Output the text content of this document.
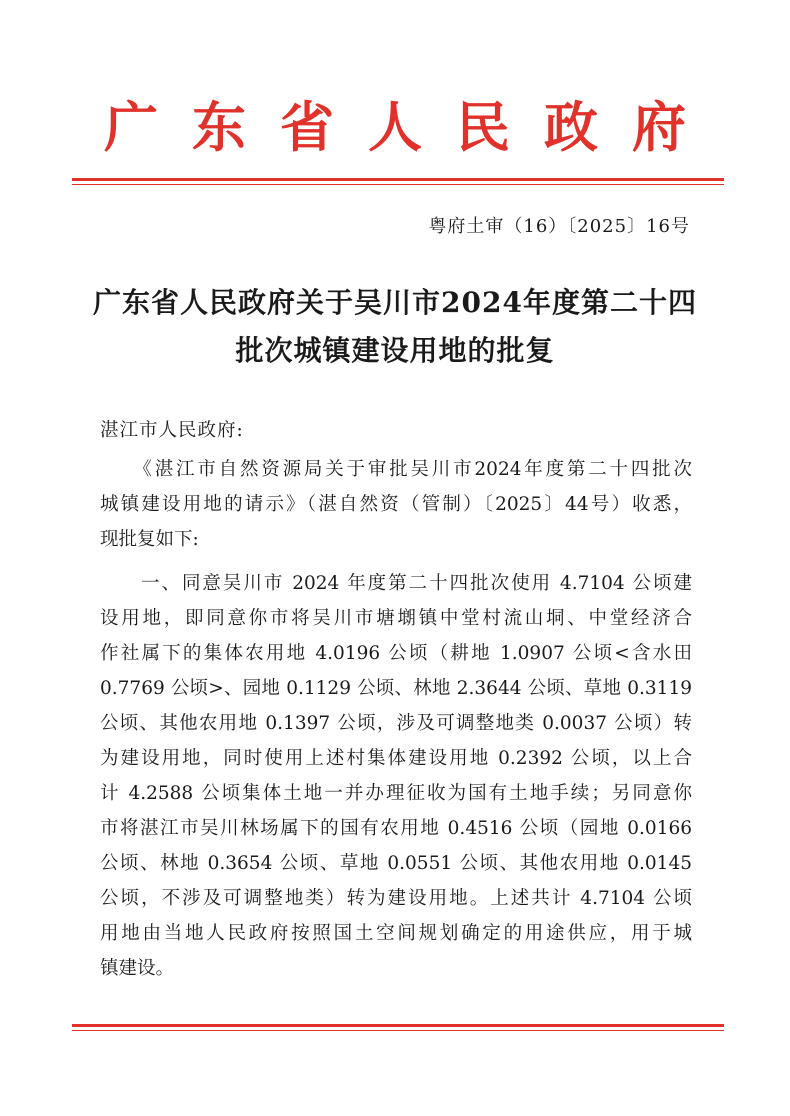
广东省人民政府
粤府土审（16）〔2025〕16号
广东省人民政府关于吴川市2024年度第二十四
批次城镇建设用地的批复
湛江市人民政府:
　　《湛江市自然资源局关于审批吴川市2024年度第二十四批次
城镇建设用地的请示》（湛自然资（管制）〔2025〕44号）收悉，
现批复如下:
　　一、同意吴川市 2024 年度第二十四批次使用 4.7104 公顷建
设用地，即同意你市将吴川市塘㙟镇中堂村流山垌、中堂经济合
作社属下的集体农用地 4.0196 公顷（耕地 1.0907 公顷<含水田
0.7769 公顷>、园地 0.1129 公顷、林地 2.3644 公顷、草地 0.3119
公顷、其他农用地 0.1397 公顷，涉及可调整地类 0.0037 公顷）转
为建设用地，同时使用上述村集体建设用地 0.2392 公顷，以上合
计 4.2588 公顷集体土地一并办理征收为国有土地手续；另同意你
市将湛江市吴川林场属下的国有农用地 0.4516 公顷（园地 0.0166
公顷、林地 0.3654 公顷、草地 0.0551 公顷、其他农用地 0.0145
公顷，不涉及可调整地类）转为建设用地。上述共计 4.7104 公顷
用地由当地人民政府按照国土空间规划确定的用途供应，用于城
镇建设。
